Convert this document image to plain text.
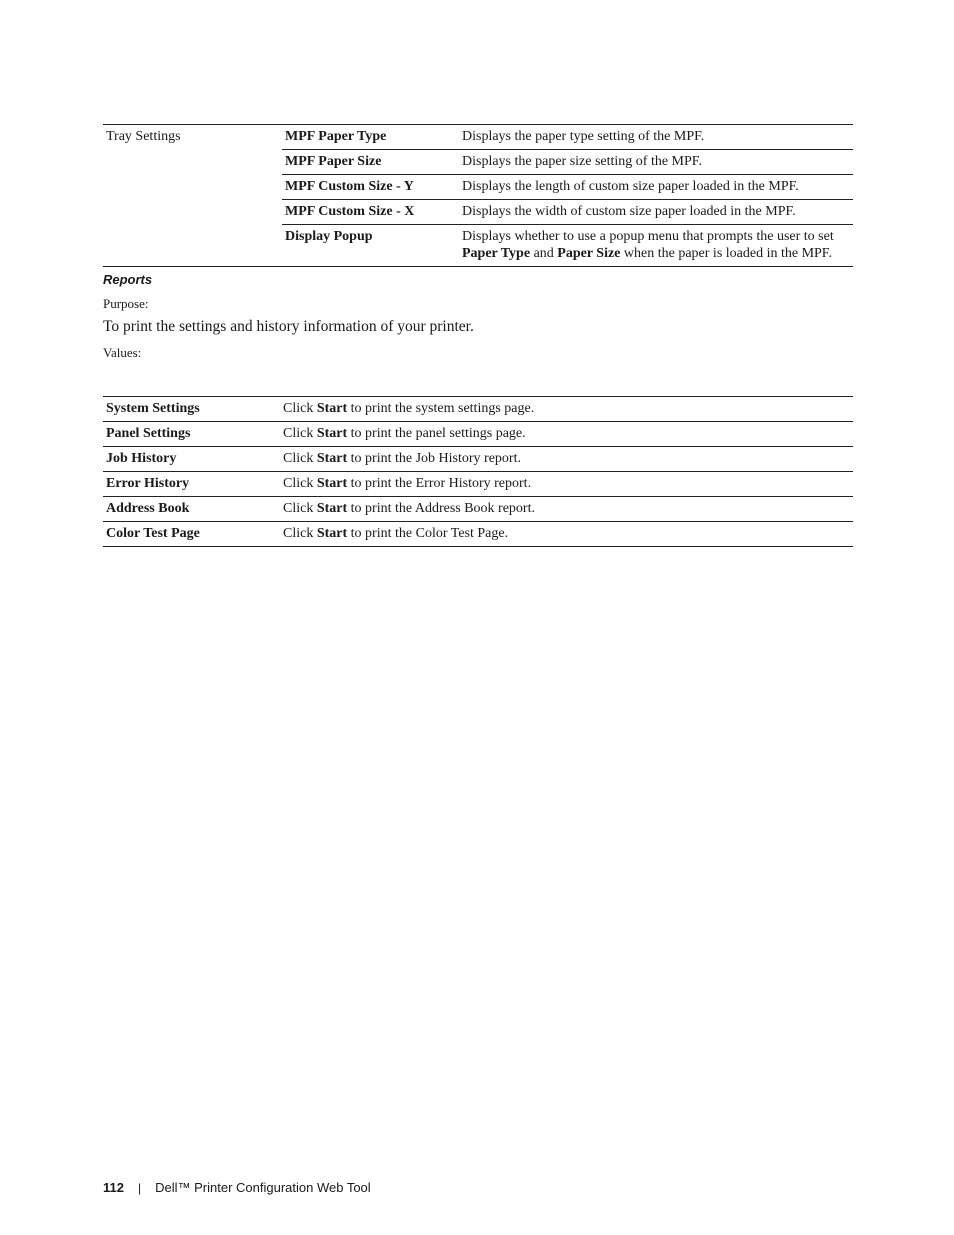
Tray Settings	MPF Paper Type	Displays the paper type setting of the MPF.
	MPF Paper Size	Displays the paper size setting of the MPF.
	MPF Custom Size - Y	Displays the length of custom size paper loaded in the MPF.
	MPF Custom Size - X	Displays the width of custom size paper loaded in the MPF.
	Display Popup	Displays whether to use a popup menu that prompts the user to set
Paper Type and Paper Size when the paper is loaded in the MPF.
Reports
Purpose:
To print the settings and history information of your printer.
Values:
System Settings	Click Start to print the system settings page.
Panel Settings	Click Start to print the panel settings page.
Job History	Click Start to print the Job History report.
Error History	Click Start to print the Error History report.
Address Book	Click Start to print the Address Book report.
Color Test Page	Click Start to print the Color Test Page.
112 | Dell™ Printer Configuration Web Tool
